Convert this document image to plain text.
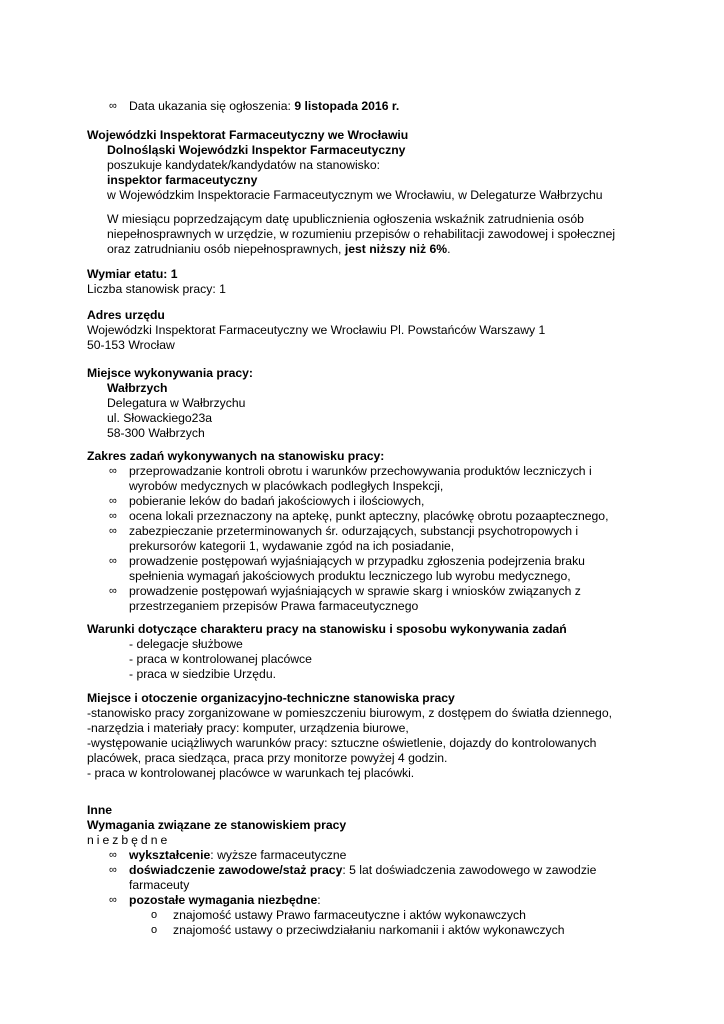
∞ Data ukazania się ogłoszenia: 9 listopada 2016 r.
Wojewódzki Inspektorat Farmaceutyczny we Wrocławiu
Dolnośląski Wojewódzki Inspektor Farmaceutyczny
poszukuje kandydatek/kandydatów na stanowisko:
inspektor farmaceutyczny
w Wojewódzkim Inspektoracie Farmaceutycznym we Wrocławiu, w Delegaturze Wałbrzychu
W miesiącu poprzedzającym datę upublicznienia ogłoszenia wskaźnik zatrudnienia osób
niepełnosprawnych w urzędzie, w rozumieniu przepisów o rehabilitacji zawodowej i społecznej
oraz zatrudnianiu osób niepełnosprawnych, jest niższy niż 6%.
Wymiar etatu: 1
Liczba stanowisk pracy: 1
Adres urzędu
Wojewódzki Inspektorat Farmaceutyczny we Wrocławiu Pl. Powstańców Warszawy 1
50-153 Wrocław
Miejsce wykonywania pracy:
Wałbrzych
Delegatura w Wałbrzychu
ul. Słowackiego23a
58-300 Wałbrzych
Zakres zadań wykonywanych na stanowisku pracy:
∞ przeprowadzanie kontroli obrotu i warunków przechowywania produktów leczniczych i
wyrobów medycznych w placówkach podległych Inspekcji,
∞ pobieranie leków do badań jakościowych i ilościowych,
∞ ocena lokali przeznaczony na aptekę, punkt apteczny, placówkę obrotu pozaaptecznego,
∞ zabezpieczanie przeterminowanych śr. odurzających, substancji psychotropowych i
prekursorów kategorii 1, wydawanie zgód na ich posiadanie,
∞ prowadzenie postępowań wyjaśniających w przypadku zgłoszenia podejrzenia braku
spełnienia wymagań jakościowych produktu leczniczego lub wyrobu medycznego,
∞ prowadzenie postępowań wyjaśniających w sprawie skarg i wniosków związanych z
przestrzeganiem przepisów Prawa farmaceutycznego
Warunki dotyczące charakteru pracy na stanowisku i sposobu wykonywania zadań
- delegacje służbowe
- praca w kontrolowanej placówce
- praca w siedzibie Urzędu.
Miejsce i otoczenie organizacyjno-techniczne stanowiska pracy
-stanowisko pracy zorganizowane w pomieszczeniu biurowym, z dostępem do światła dziennego,
-narzędzia i materiały pracy: komputer, urządzenia biurowe,
-występowanie uciążliwych warunków pracy: sztuczne oświetlenie, dojazdy do kontrolowanych
placówek, praca siedząca, praca przy monitorze powyżej 4 godzin.
- praca w kontrolowanej placówce w warunkach tej placówki.
Inne
Wymagania związane ze stanowiskiem pracy
niezbędne
∞ wykształcenie: wyższe farmaceutyczne
∞ doświadczenie zawodowe/staż pracy: 5 lat doświadczenia zawodowego w zawodzie
farmaceuty
∞ pozostałe wymagania niezbędne:
o znajomość ustawy Prawo farmaceutyczne i aktów wykonawczych
o znajomość ustawy o przeciwdziałaniu narkomanii i aktów wykonawczych
